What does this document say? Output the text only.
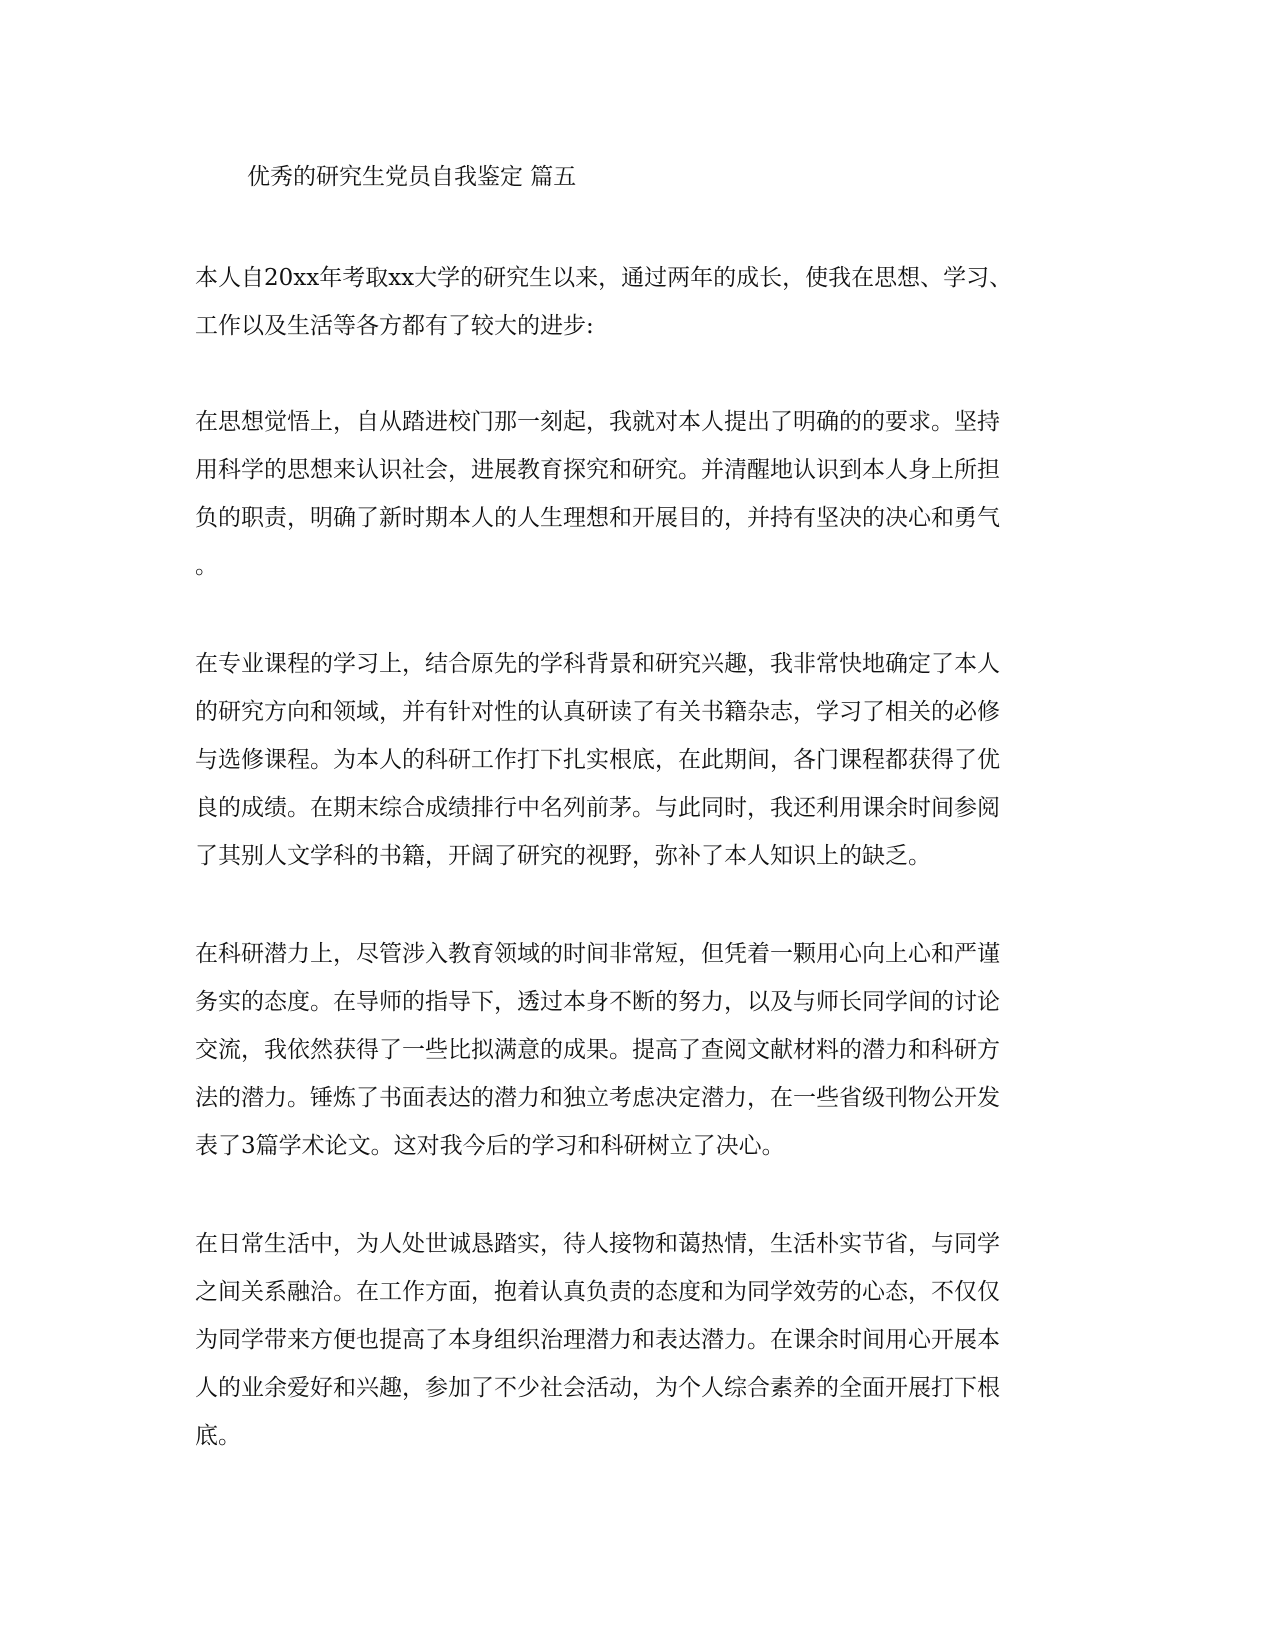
优秀的研究生党员自我鉴定 篇五

本人自20xx年考取xx大学的研究生以来，通过两年的成长，使我在思想、学习、
工作以及生活等各方都有了较大的进步:

在思想觉悟上，自从踏进校门那一刻起，我就对本人提出了明确的的要求。坚持
用科学的思想来认识社会，进展教育探究和研究。并清醒地认识到本人身上所担
负的职责，明确了新时期本人的人生理想和开展目的，并持有坚决的决心和勇气
。

在专业课程的学习上，结合原先的学科背景和研究兴趣，我非常快地确定了本人
的研究方向和领域，并有针对性的认真研读了有关书籍杂志，学习了相关的必修
与选修课程。为本人的科研工作打下扎实根底，在此期间，各门课程都获得了优
良的成绩。在期末综合成绩排行中名列前茅。与此同时，我还利用课余时间参阅
了其别人文学科的书籍，开阔了研究的视野，弥补了本人知识上的缺乏。

在科研潜力上，尽管涉入教育领域的时间非常短，但凭着一颗用心向上心和严谨
务实的态度。在导师的指导下，透过本身不断的努力，以及与师长同学间的讨论
交流，我依然获得了一些比拟满意的成果。提高了查阅文献材料的潜力和科研方
法的潜力。锤炼了书面表达的潜力和独立考虑决定潜力，在一些省级刊物公开发
表了3篇学术论文。这对我今后的学习和科研树立了决心。

在日常生活中，为人处世诚恳踏实，待人接物和蔼热情，生活朴实节省，与同学
之间关系融洽。在工作方面，抱着认真负责的态度和为同学效劳的心态，不仅仅
为同学带来方便也提高了本身组织治理潜力和表达潜力。在课余时间用心开展本
人的业余爱好和兴趣，参加了不少社会活动，为个人综合素养的全面开展打下根
底。
